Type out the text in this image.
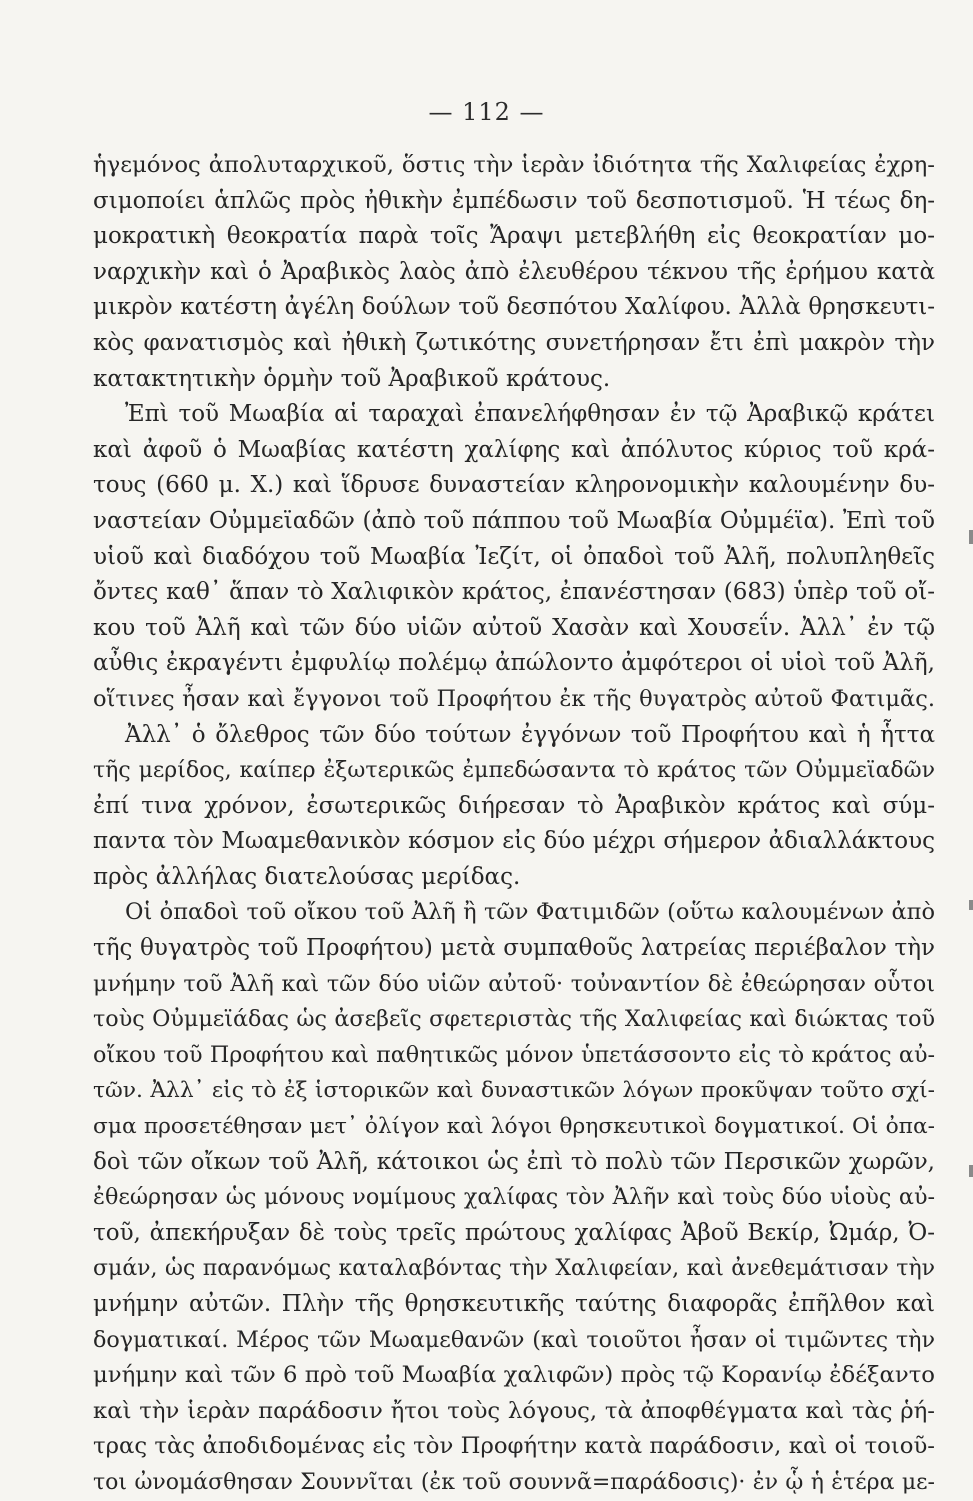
— 112 —
ἡγεμόνος ἀπολυταρχικοῦ, ὅστις τὴν ἱερὰν ἰδιότητα τῆς Χαλιφείας ἐχρη-
σιμοποίει ἁπλῶς πρὸς ἠθικὴν ἐμπέδωσιν τοῦ δεσποτισμοῦ. Ἡ τέως δη-
μοκρατικὴ θεοκρατία παρὰ τοῖς Ἄραψι μετεβλήθη εἰς θεοκρατίαν μο-
ναρχικὴν καὶ ὁ Ἀραβικὸς λαὸς ἀπὸ ἐλευθέρου τέκνου τῆς ἐρήμου κατὰ
μικρὸν κατέστη ἀγέλη δούλων τοῦ δεσπότου Χαλίφου. Ἀλλὰ θρησκευτι-
κὸς φανατισμὸς καὶ ἠθικὴ ζωτικότης συνετήρησαν ἔτι ἐπὶ μακρὸν τὴν
κατακτητικὴν ὁρμὴν τοῦ Ἀραβικοῦ κράτους.
Ἐπὶ τοῦ Μωαβία αἱ ταραχαὶ ἐπανελήφθησαν ἐν τῷ Ἀραβικῷ κράτει
καὶ ἀφοῦ ὁ Μωαβίας κατέστη χαλίφης καὶ ἀπόλυτος κύριος τοῦ κρά-
τους (660 μ. Χ.) καὶ ἵδρυσε δυναστείαν κληρονομικὴν καλουμένην δυ-
ναστείαν Οὐμμεϊαδῶν (ἀπὸ τοῦ πάππου τοῦ Μωαβία Οὐμμέϊα). Ἐπὶ τοῦ
υἱοῦ καὶ διαδόχου τοῦ Μωαβία Ἰεζίτ, οἱ ὀπαδοὶ τοῦ Ἀλῆ, πολυπληθεῖς
ὄντες καθ᾽ ἅπαν τὸ Χαλιφικὸν κράτος, ἐπανέστησαν (683) ὑπὲρ τοῦ οἴ-
κου τοῦ Ἀλῆ καὶ τῶν δύο υἱῶν αὐτοῦ Χασὰν καὶ Χουσεΐν. Ἀλλ᾽ ἐν τῷ
αὖθις ἐκραγέντι ἐμφυλίῳ πολέμῳ ἀπώλοντο ἀμφότεροι οἱ υἱοὶ τοῦ Ἀλῆ,
οἵτινες ἦσαν καὶ ἔγγονοι τοῦ Προφήτου ἐκ τῆς θυγατρὸς αὐτοῦ Φατιμᾶς.
Ἀλλ᾽ ὁ ὄλεθρος τῶν δύο τούτων ἐγγόνων τοῦ Προφήτου καὶ ἡ ἧττα
τῆς μερίδος, καίπερ ἐξωτερικῶς ἐμπεδώσαντα τὸ κράτος τῶν Οὐμμεϊαδῶν
ἐπί τινα χρόνον, ἐσωτερικῶς διήρεσαν τὸ Ἀραβικὸν κράτος καὶ σύμ-
παντα τὸν Μωαμεθανικὸν κόσμον εἰς δύο μέχρι σήμερον ἀδιαλλάκτους
πρὸς ἀλλήλας διατελούσας μερίδας.
Οἱ ὀπαδοὶ τοῦ οἴκου τοῦ Ἀλῆ ἢ τῶν Φατιμιδῶν (οὕτω καλουμένων ἀπὸ
τῆς θυγατρὸς τοῦ Προφήτου) μετὰ συμπαθοῦς λατρείας περιέβαλον τὴν
μνήμην τοῦ Ἀλῆ καὶ τῶν δύο υἱῶν αὐτοῦ· τοὐναντίον δὲ ἐθεώρησαν οὗτοι
τοὺς Οὐμμεϊάδας ὡς ἀσεβεῖς σφετεριστὰς τῆς Χαλιφείας καὶ διώκτας τοῦ
οἴκου τοῦ Προφήτου καὶ παθητικῶς μόνον ὑπετάσσοντο εἰς τὸ κράτος αὐ-
τῶν. Ἀλλ᾽ εἰς τὸ ἐξ ἱστορικῶν καὶ δυναστικῶν λόγων προκῦψαν τοῦτο σχί-
σμα προσετέθησαν μετ᾽ ὀλίγον καὶ λόγοι θρησκευτικοὶ δογματικοί. Οἱ ὀπα-
δοὶ τῶν οἴκων τοῦ Ἀλῆ, κάτοικοι ὡς ἐπὶ τὸ πολὺ τῶν Περσικῶν χωρῶν,
ἐθεώρησαν ὡς μόνους νομίμους χαλίφας τὸν Ἀλῆν καὶ τοὺς δύο υἱοὺς αὐ-
τοῦ, ἀπεκήρυξαν δὲ τοὺς τρεῖς πρώτους χαλίφας Ἀβοῦ Βεκίρ, Ὠμάρ, Ὀ-
σμάν, ὡς παρανόμως καταλαβόντας τὴν Χαλιφείαν, καὶ ἀνεθεμάτισαν τὴν
μνήμην αὐτῶν. Πλὴν τῆς θρησκευτικῆς ταύτης διαφορᾶς ἐπῆλθον καὶ
δογματικαί. Μέρος τῶν Μωαμεθανῶν (καὶ τοιοῦτοι ἦσαν οἱ τιμῶντες τὴν
μνήμην καὶ τῶν 6 πρὸ τοῦ Μωαβία χαλιφῶν) πρὸς τῷ Κορανίῳ ἐδέξαντο
καὶ τὴν ἱερὰν παράδοσιν ἤτοι τοὺς λόγους, τὰ ἀποφθέγματα καὶ τὰς ῥή-
τρας τὰς ἀποδιδομένας εἰς τὸν Προφήτην κατὰ παράδοσιν, καὶ οἱ τοιοῦ-
τοι ὠνομάσθησαν Σουννῖται (ἐκ τοῦ σουννᾶ=παράδοσις)· ἐν ᾧ ἡ ἑτέρα με-
